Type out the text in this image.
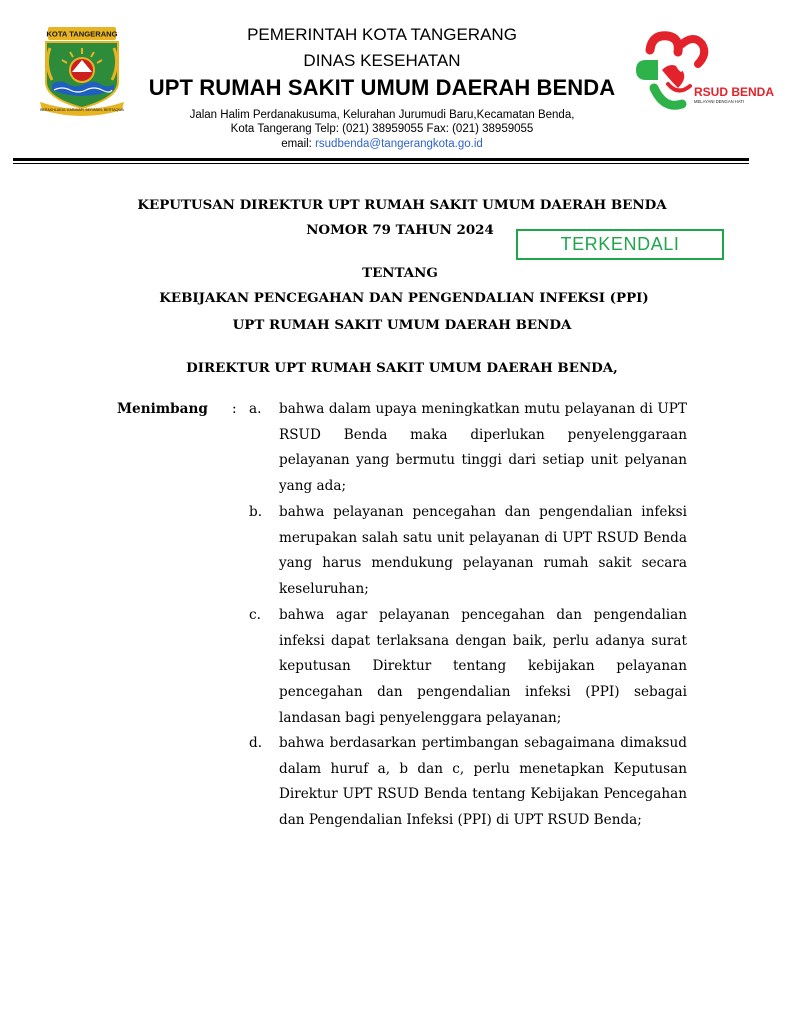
KOTA TANGERANG
BERAKHLAKUL KARIMAH, BERIMAN, BERTAQWA
PEMERINTAH KOTA TANGERANG
DINAS KESEHATAN
UPT RUMAH SAKIT UMUM DAERAH BENDA
Jalan Halim Perdanakusuma, Kelurahan Jurumudi Baru,Kecamatan Benda,
Kota Tangerang Telp: (021) 38959055 Fax: (021) 38959055
email: rsudbenda@tangerangkota.go.id
RSUD BENDA
MELAYANI DENGAN HATI
KEPUTUSAN DIREKTUR UPT RUMAH SAKIT UMUM DAERAH BENDA
NOMOR 79 TAHUN 2024
TERKENDALI
TENTANG
KEBIJAKAN PENCEGAHAN DAN PENGENDALIAN INFEKSI (PPI)
UPT RUMAH SAKIT UMUM DAERAH BENDA
DIREKTUR UPT RUMAH SAKIT UMUM DAERAH BENDA,
Menimbang : a. bahwa dalam upaya meningkatkan mutu pelayanan di UPT RSUD Benda maka diperlukan penyelenggaraan pelayanan yang bermutu tinggi dari setiap unit pelyanan yang ada;
b. bahwa pelayanan pencegahan dan pengendalian infeksi merupakan salah satu unit pelayanan di UPT RSUD Benda yang harus mendukung pelayanan rumah sakit secara keseluruhan;
c. bahwa agar pelayanan pencegahan dan pengendalian infeksi dapat terlaksana dengan baik, perlu adanya surat keputusan Direktur tentang kebijakan pelayanan pencegahan dan pengendalian infeksi (PPI) sebagai landasan bagi penyelenggara pelayanan;
d. bahwa berdasarkan pertimbangan sebagaimana dimaksud dalam huruf a, b dan c, perlu menetapkan Keputusan Direktur UPT RSUD Benda tentang Kebijakan Pencegahan dan Pengendalian Infeksi (PPI) di UPT RSUD Benda;
